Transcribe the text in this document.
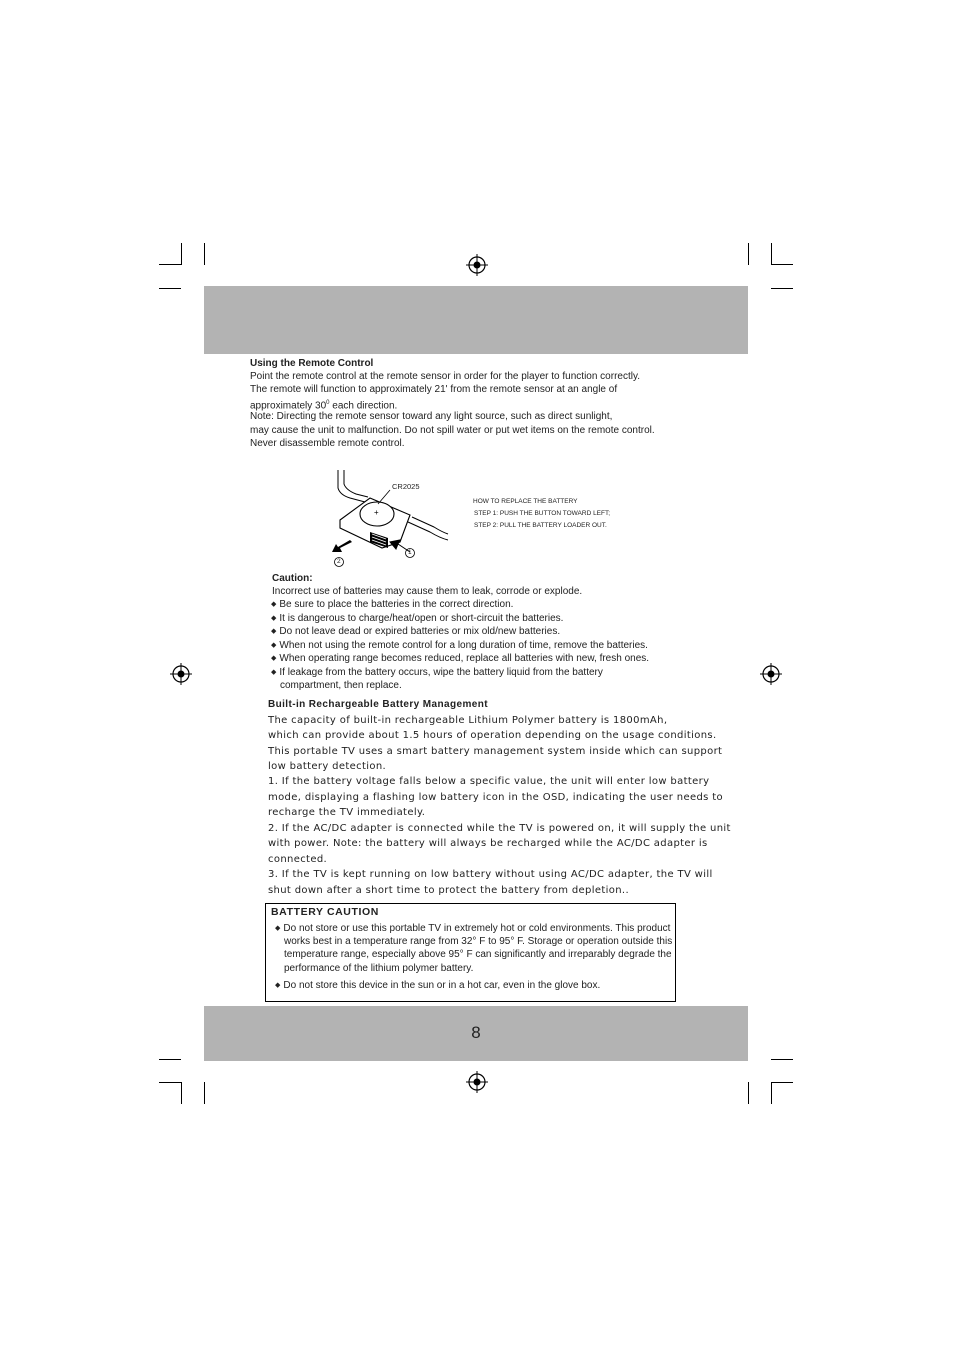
Using the Remote Control
Point the remote control at the remote sensor in order for the player to function correctly.
The remote will function to approximately 21' from the remote sensor at an angle of
approximately $30^0$ each direction.
Note: Directing the remote sensor toward any light source, such as direct sunlight,
may cause the unit to malfunction. Do not spill water or put wet items on the remote control.
Never disassemble remote control.
+
CR2025
1
2
HOW TO REPLACE THE BATTERY
STEP 1: PUSH THE BUTTON TOWARD LEFT;
STEP 2: PULL THE BATTERY LOADER OUT.
Caution:
Incorrect use of batteries may cause them to leak, corrode or explode.
◆ Be sure to place the batteries in the correct direction.
◆ It is dangerous to charge/heat/open or short-circuit the batteries.
◆ Do not leave dead or expired batteries or mix old/new batteries.
◆ When not using the remote control for a long duration of time, remove the batteries.
◆ When operating range becomes reduced, replace all batteries with new, fresh ones.
◆ If leakage from the battery occurs, wipe the battery liquid from the battery
compartment, then replace.
Built-in Rechargeable Battery Management
The capacity of built-in rechargeable Lithium Polymer battery is 1800mAh,
which can provide about 1.5 hours of operation depending on the usage conditions.
This portable TV uses a smart battery management system inside which can support
low battery detection.
1. If the battery voltage falls below a specific value, the unit will enter low battery
mode, displaying a flashing low battery icon in the OSD, indicating the user needs to
recharge the TV immediately.
2. If the AC/DC adapter is connected while the TV is powered on, it will supply the unit
with power. Note: the battery will always be recharged while the AC/DC adapter is
connected.
3. If the TV is kept running on low battery without using AC/DC adapter, the TV will
shut down after a short time to protect the battery from depletion..
BATTERY CAUTION
◆ Do not store or use this portable TV in extremely hot or cold environments. This product
works best in a temperature range from 32° F to 95° F. Storage or operation outside this
temperature range, especially above 95° F can significantly and irreparably degrade the
performance of the lithium polymer battery.
◆ Do not store this device in the sun or in a hot car, even in the glove box.
8
